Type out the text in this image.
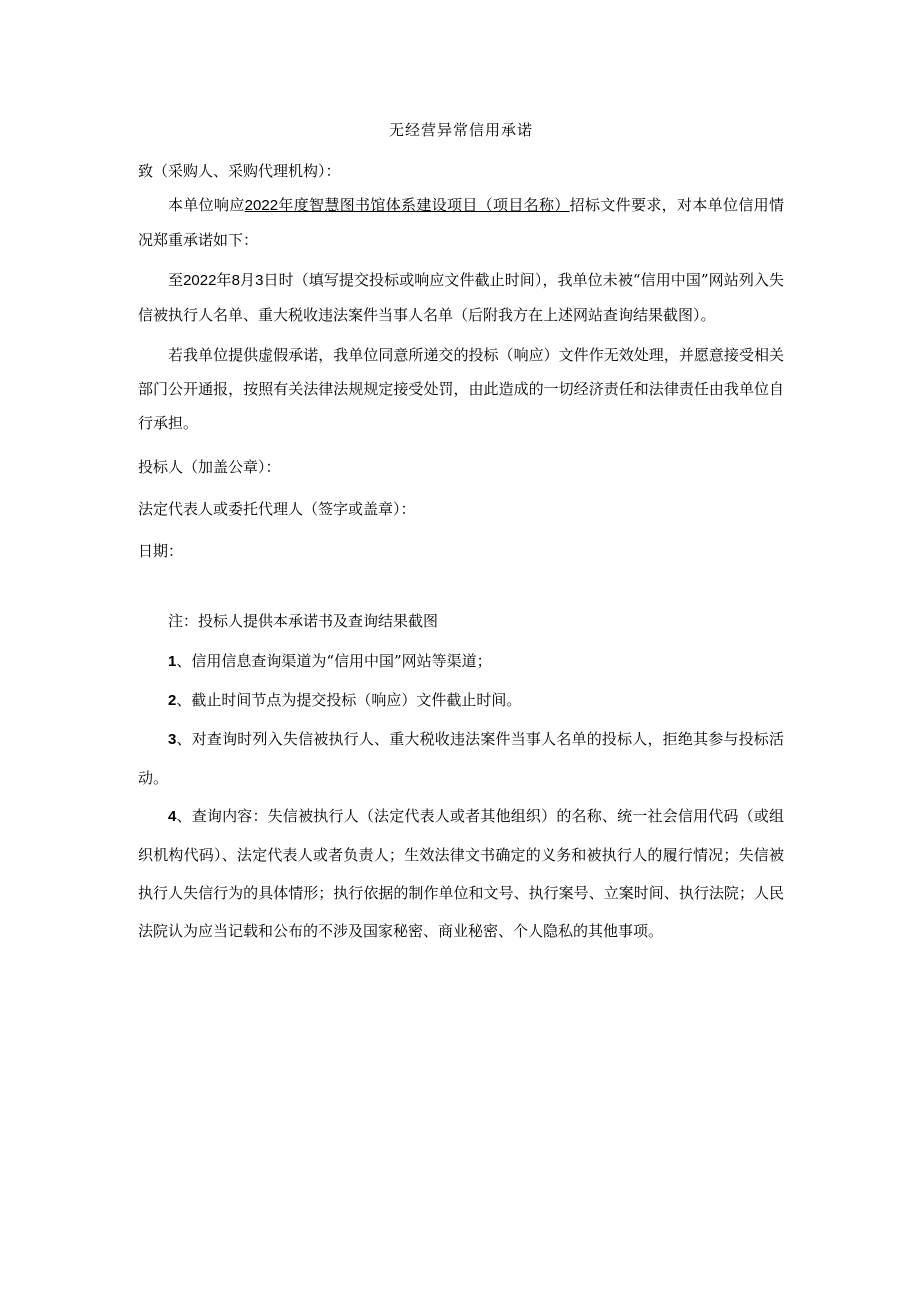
无经营异常信用承诺

致（采购人、采购代理机构）：

本单位响应2022年度智慧图书馆体系建设项目（项目名称）招标文件要求，对本单位信用情况郑重承诺如下：

至2022年8月3日时（填写提交投标或响应文件截止时间），我单位未被“信用中国”网站列入失信被执行人名单、重大税收违法案件当事人名单（后附我方在上述网站查询结果截图）。

若我单位提供虚假承诺，我单位同意所递交的投标（响应）文件作无效处理，并愿意接受相关部门公开通报，按照有关法律法规规定接受处罚，由此造成的一切经济责任和法律责任由我单位自行承担。

投标人（加盖公章）：

法定代表人或委托代理人（签字或盖章）：

日期：

注：投标人提供本承诺书及查询结果截图

1、信用信息查询渠道为“信用中国”网站等渠道；

2、截止时间节点为提交投标（响应）文件截止时间。

3、对查询时列入失信被执行人、重大税收违法案件当事人名单的投标人，拒绝其参与投标活动。

4、查询内容：失信被执行人（法定代表人或者其他组织）的名称、统一社会信用代码（或组织机构代码）、法定代表人或者负责人；生效法律文书确定的义务和被执行人的履行情况；失信被执行人失信行为的具体情形；执行依据的制作单位和文号、执行案号、立案时间、执行法院；人民法院认为应当记载和公布的不涉及国家秘密、商业秘密、个人隐私的其他事项。
